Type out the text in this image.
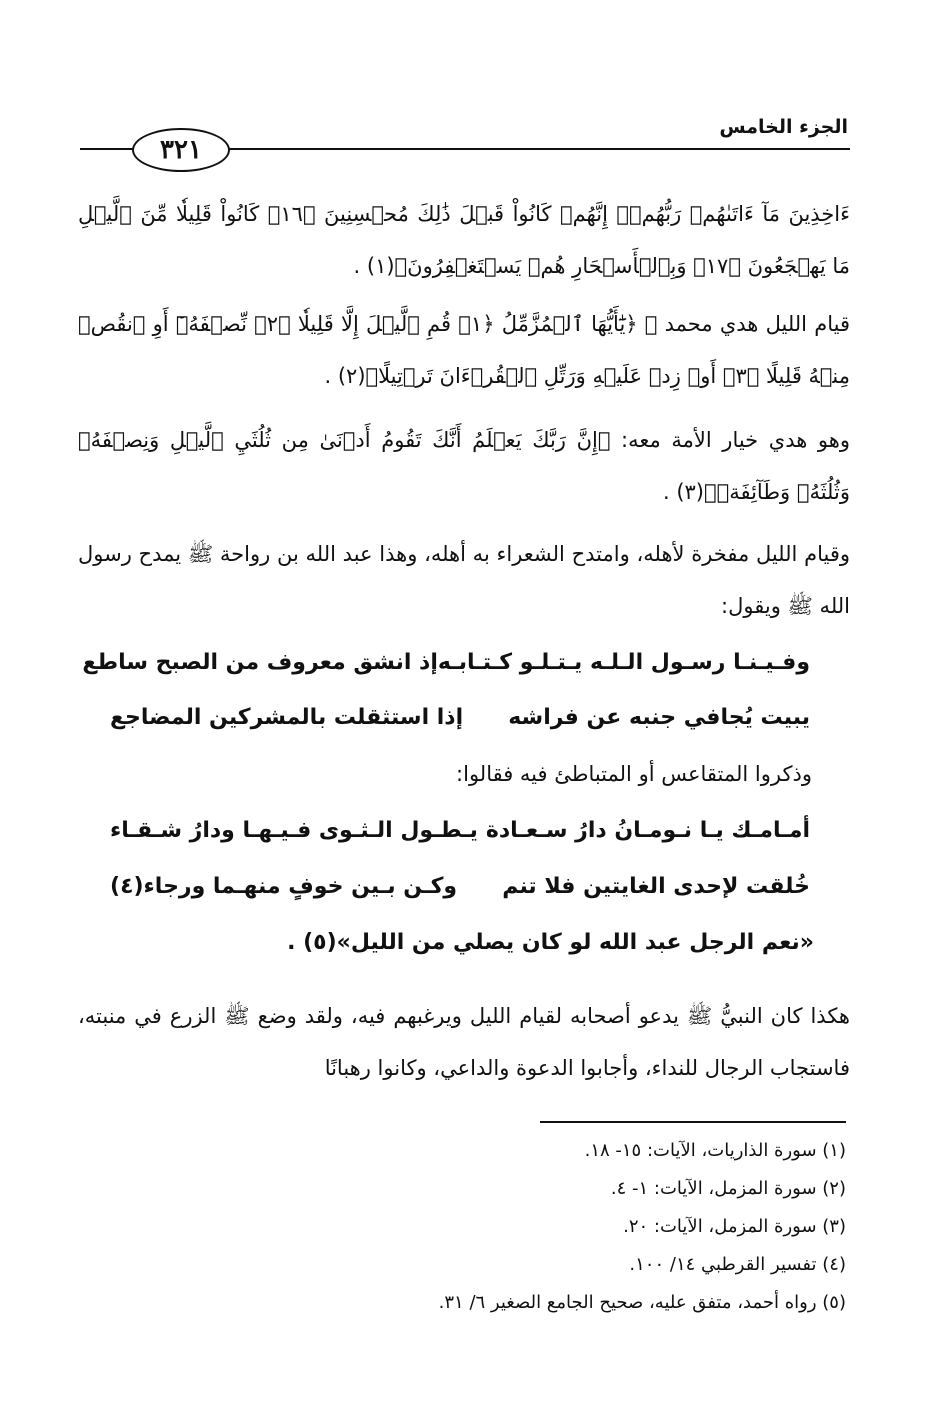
٣٢١
الجزء الخامس

ءَاخِذِينَ مَآ ءَاتَىٰهُمۡ رَبُّهُمۡۚ إِنَّهُمۡ كَانُواْ قَبۡلَ ذَٰلِكَ مُحۡسِنِينَ ﴿١٦﴾ كَانُواْ قَلِيلٗا مِّنَ ٱلَّيۡلِ مَا يَهۡجَعُونَ ﴿١٧﴾ وَبِٱلۡأَسۡحَارِ هُمۡ يَسۡتَغۡفِرُونَ﴾(١) .

قيام الليل هدي محمد ﷺ ﴿يَٰٓأَيُّهَا ٱلۡمُزَّمِّلُ ﴿١﴾ قُمِ ٱلَّيۡلَ إِلَّا قَلِيلٗا ﴿٢﴾ نِّصۡفَهُۥٓ أَوِ ٱنقُصۡ مِنۡهُ قَلِيلًا ﴿٣﴾ أَوۡ زِدۡ عَلَيۡهِ وَرَتِّلِ ٱلۡقُرۡءَانَ تَرۡتِيلًا﴾(٢) .

وهو هدي خيار الأمة معه: ﴿إِنَّ رَبَّكَ يَعۡلَمُ أَنَّكَ تَقُومُ أَدۡنَىٰ مِن ثُلُثَيِ ٱلَّيۡلِ وَنِصۡفَهُۥ وَثُلُثَهُۥ وَطَآئِفَةٞ﴾(٣) .

وقيام الليل مفخرة لأهله، وامتدح الشعراء به أهله، وهذا عبد الله بن رواحة ﷺ يمدح رسول الله ﷺ ويقول:

وفـيـنـا رسـول الـلـه يـتـلـو كـتـابـه
إذ انشق معروف من الصبح ساطع
يبيت يُجافي جنبه عن فراشه
إذا استثقلت بالمشركين المضاجع

وذكروا المتقاعس أو المتباطئ فيه فقالوا:

أمـامـك يـا نـومـانُ دارُ سـعـادة
يـطـول الـثـوى فـيـهـا ودارُ شـقـاء
خُلقت لإحدى الغايتين فلا تنم
وكـن بـين خوفٍ منهـما ورجاء(٤)
«نعم الرجل عبد الله لو كان يصلي من الليل»(٥) .

هكذا كان النبيُّ ﷺ يدعو أصحابه لقيام الليل ويرغبهم فيه، ولقد وضع ﷺ الزرع في منبته، فاستجاب الرجال للنداء، وأجابوا الدعوة والداعي، وكانوا رهبانًا

(١) سورة الذاريات، الآيات: ١٥- ١٨.
(٢) سورة المزمل، الآيات: ١- ٤.
(٣) سورة المزمل، الآيات: ٢٠.
(٤) تفسير القرطبي ١٤/ ١٠٠.
(٥) رواه أحمد، متفق عليه، صحيح الجامع الصغير ٦/ ٣١.
